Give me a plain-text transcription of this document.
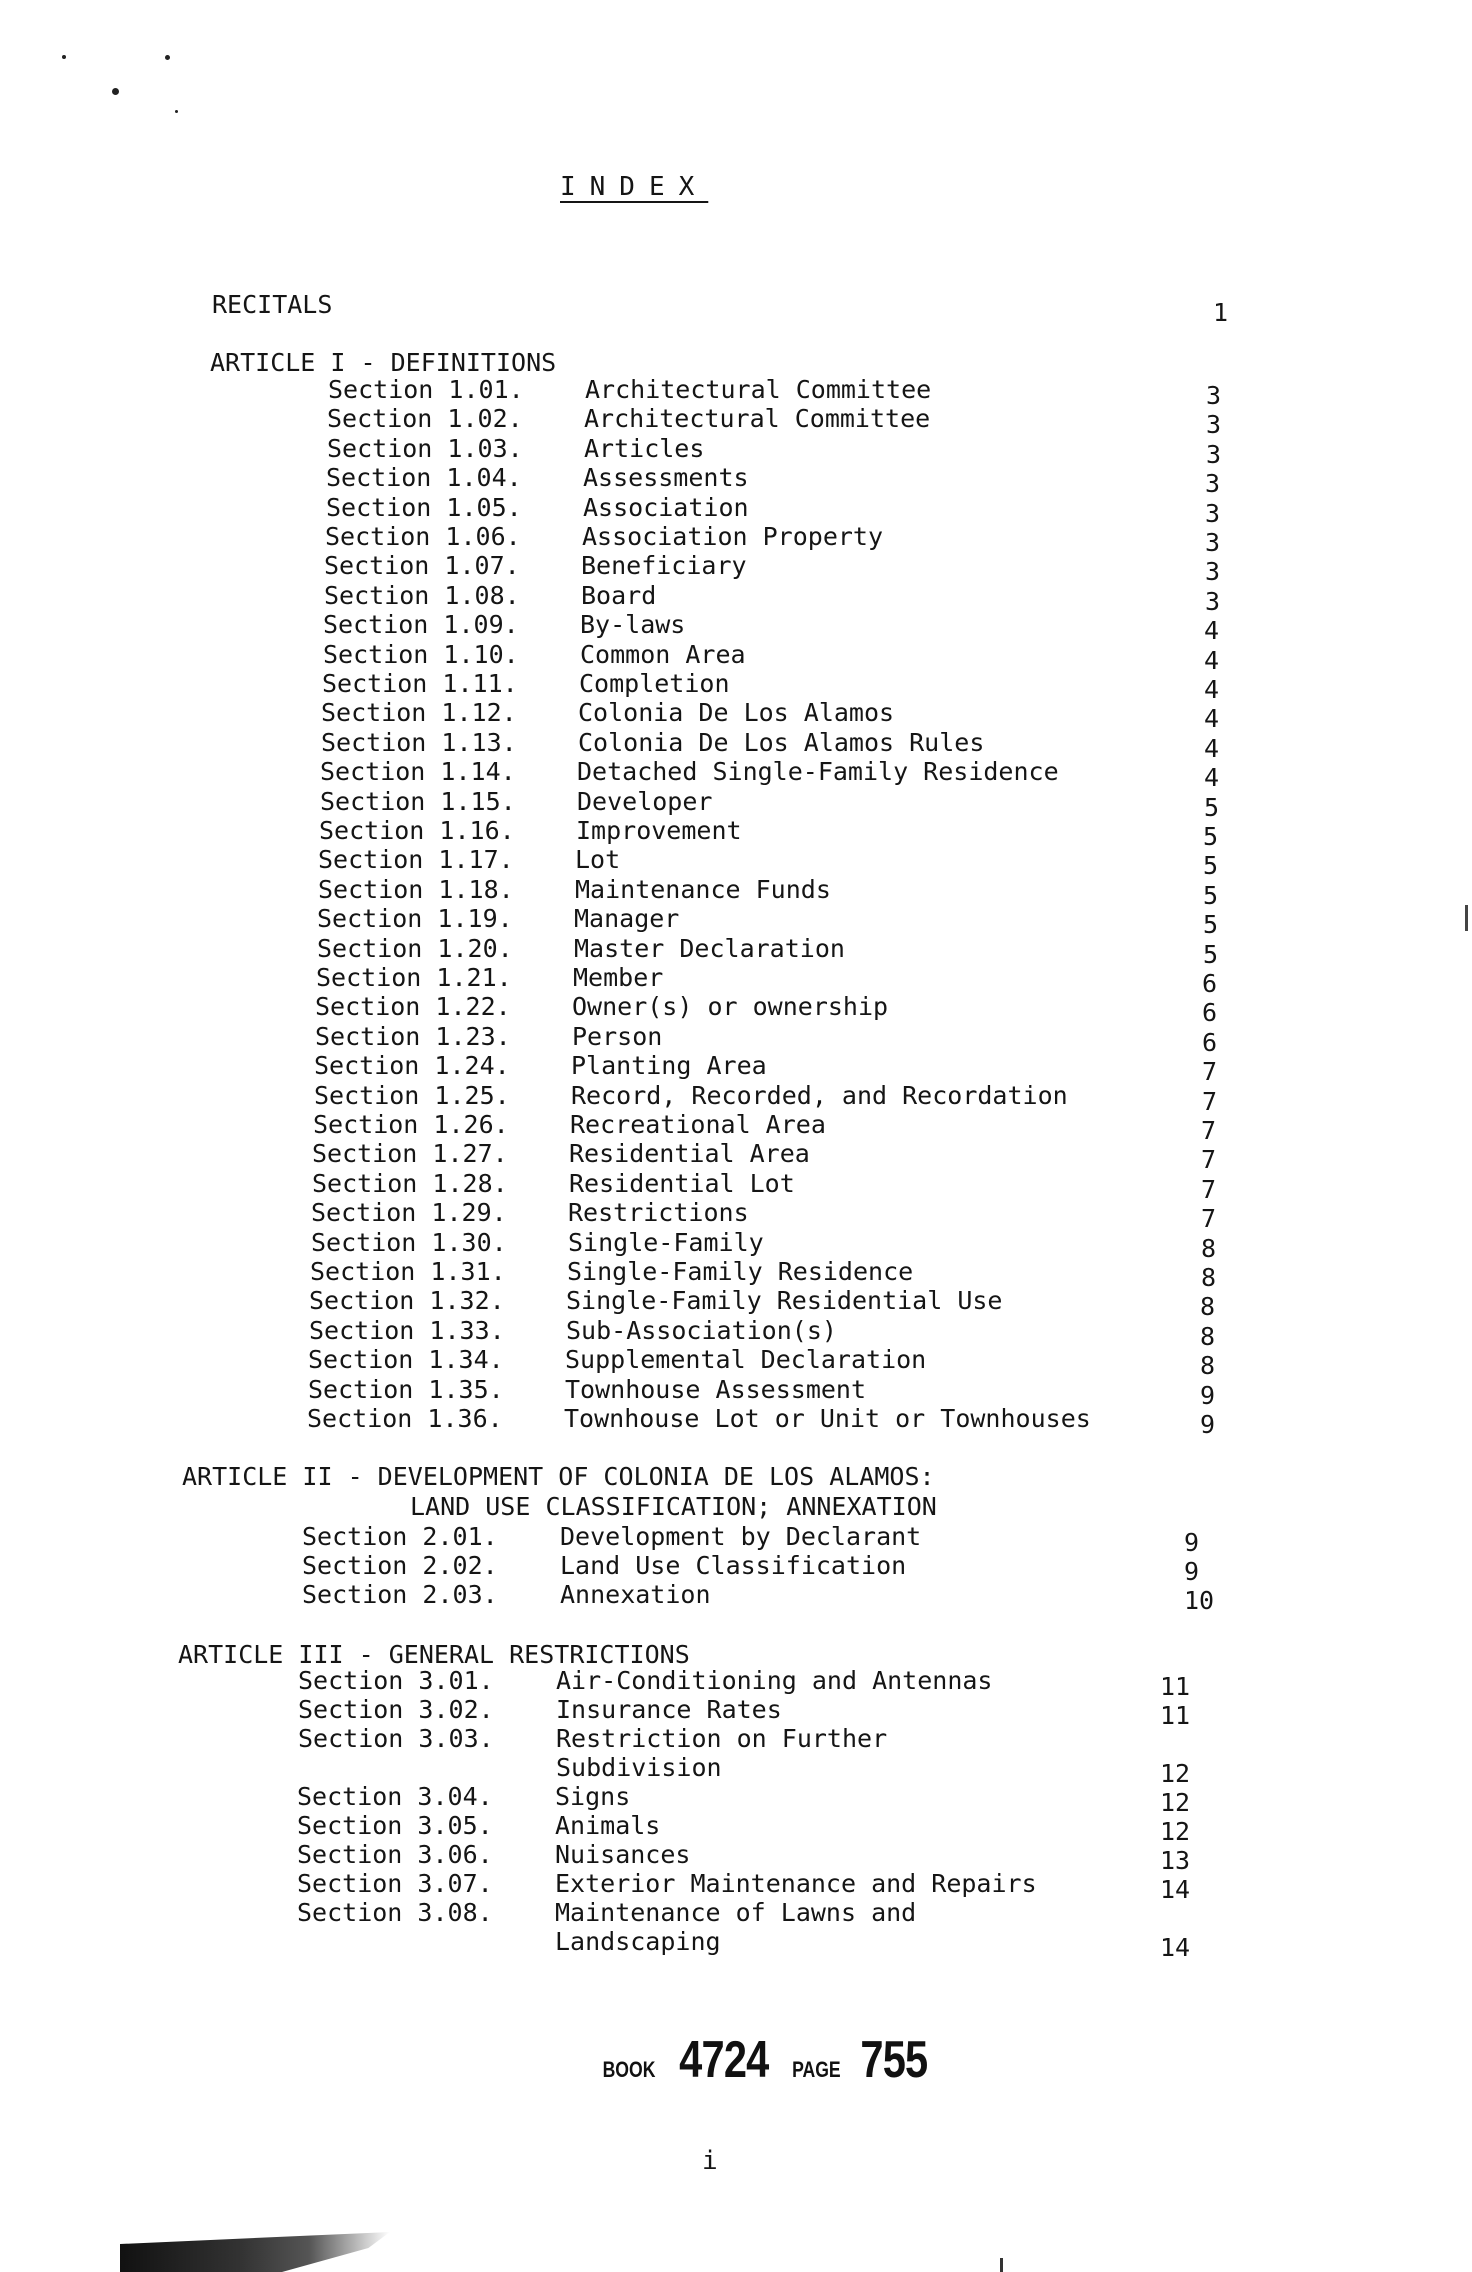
INDEX
RECITALS	1
ARTICLE I - DEFINITIONS
Section 1.01. Architectural Committee	3
Section 1.02. Architectural Committee	3
Section 1.03. Articles	3
Section 1.04. Assessments	3
Section 1.05. Association	3
Section 1.06. Association Property	3
Section 1.07. Beneficiary	3
Section 1.08. Board	3
Section 1.09. By-laws	4
Section 1.10. Common Area	4
Section 1.11. Completion	4
Section 1.12. Colonia De Los Alamos	4
Section 1.13. Colonia De Los Alamos Rules	4
Section 1.14. Detached Single-Family Residence	4
Section 1.15. Developer	5
Section 1.16. Improvement	5
Section 1.17. Lot	5
Section 1.18. Maintenance Funds	5
Section 1.19. Manager	5
Section 1.20. Master Declaration	5
Section 1.21. Member	6
Section 1.22. Owner(s) or ownership	6
Section 1.23. Person	6
Section 1.24. Planting Area	7
Section 1.25. Record, Recorded, and Recordation	7
Section 1.26. Recreational Area	7
Section 1.27. Residential Area	7
Section 1.28. Residential Lot	7
Section 1.29. Restrictions	7
Section 1.30. Single-Family	8
Section 1.31. Single-Family Residence	8
Section 1.32. Single-Family Residential Use	8
Section 1.33. Sub-Association(s)	8
Section 1.34. Supplemental Declaration	8
Section 1.35. Townhouse Assessment	9
Section 1.36. Townhouse Lot or Unit or Townhouses	9
ARTICLE II - DEVELOPMENT OF COLONIA DE LOS ALAMOS:
LAND USE CLASSIFICATION; ANNEXATION
Section 2.01. Development by Declarant	9
Section 2.02. Land Use Classification	9
Section 2.03. Annexation	10
ARTICLE III - GENERAL RESTRICTIONS
Section 3.01. Air-Conditioning and Antennas	11
Section 3.02. Insurance Rates	11
Section 3.03. Restriction on Further
Subdivision	12
Section 3.04. Signs	12
Section 3.05. Animals	12
Section 3.06. Nuisances	13
Section 3.07. Exterior Maintenance and Repairs	14
Section 3.08. Maintenance of Lawns and
Landscaping	14
BOOK 4724 PAGE 755
i
